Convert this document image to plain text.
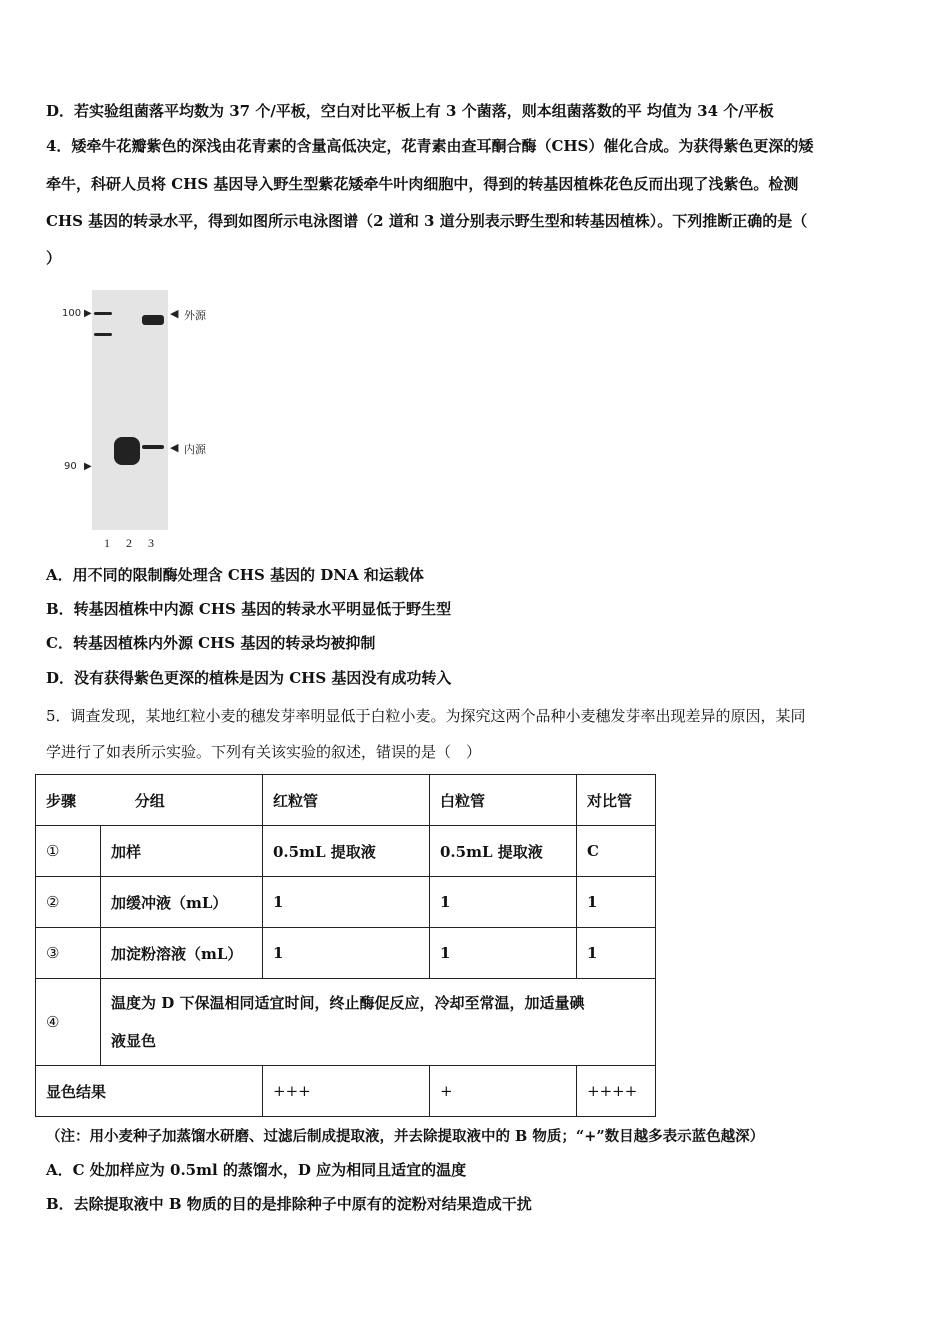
D．若实验组菌落平均数为 37 个/平板，空白对比平板上有 3 个菌落，则本组菌落数的平 均值为 34 个/平板
4．矮牵牛花瓣紫色的深浅由花青素的含量高低决定，花青素由查耳酮合酶（CHS）催化合成。为获得紫色更深的矮
牵牛，科研人员将 CHS 基因导入野生型紫花矮牵牛叶肉细胞中，得到的转基因植株花色反而出现了浅紫色。检测
CHS 基因的转录水平，得到如图所示电泳图谱（2 道和 3 道分别表示野生型和转基因植株）。下列推断正确的是（
）
100 ▶
90 ▶
◀ 外源
◀ 内源
1 2 3
A．用不同的限制酶处理含 CHS 基因的 DNA 和运载体
B．转基因植株中内源 CHS 基因的转录水平明显低于野生型
C．转基因植株内外源 CHS 基因的转录均被抑制
D．没有获得紫色更深的植株是因为 CHS 基因没有成功转入
5．调查发现，某地红粒小麦的穗发芽率明显低于白粒小麦。为探究这两个品种小麦穗发芽率出现差异的原因，某同
学进行了如表所示实验。下列有关该实验的叙述，错误的是（　）
步骤 分组		红粒管	白粒管	对比管
①	加样	0.5mL 提取液	0.5mL 提取液	C
②	加缓冲液（mL）	1	1	1
③	加淀粉溶液（mL）	1	1	1
④	温度为 D 下保温相同适宜时间，终止酶促反应，冷却至常温，加适量碘
液显色			

显色结果		+++	+	++++
（注：用小麦种子加蒸馏水研磨、过滤后制成提取液，并去除提取液中的 B 物质；“+”数目越多表示蓝色越深）
A．C 处加样应为 0.5ml 的蒸馏水，D 应为相同且适宜的温度
B．去除提取液中 B 物质的目的是排除种子中原有的淀粉对结果造成干扰
